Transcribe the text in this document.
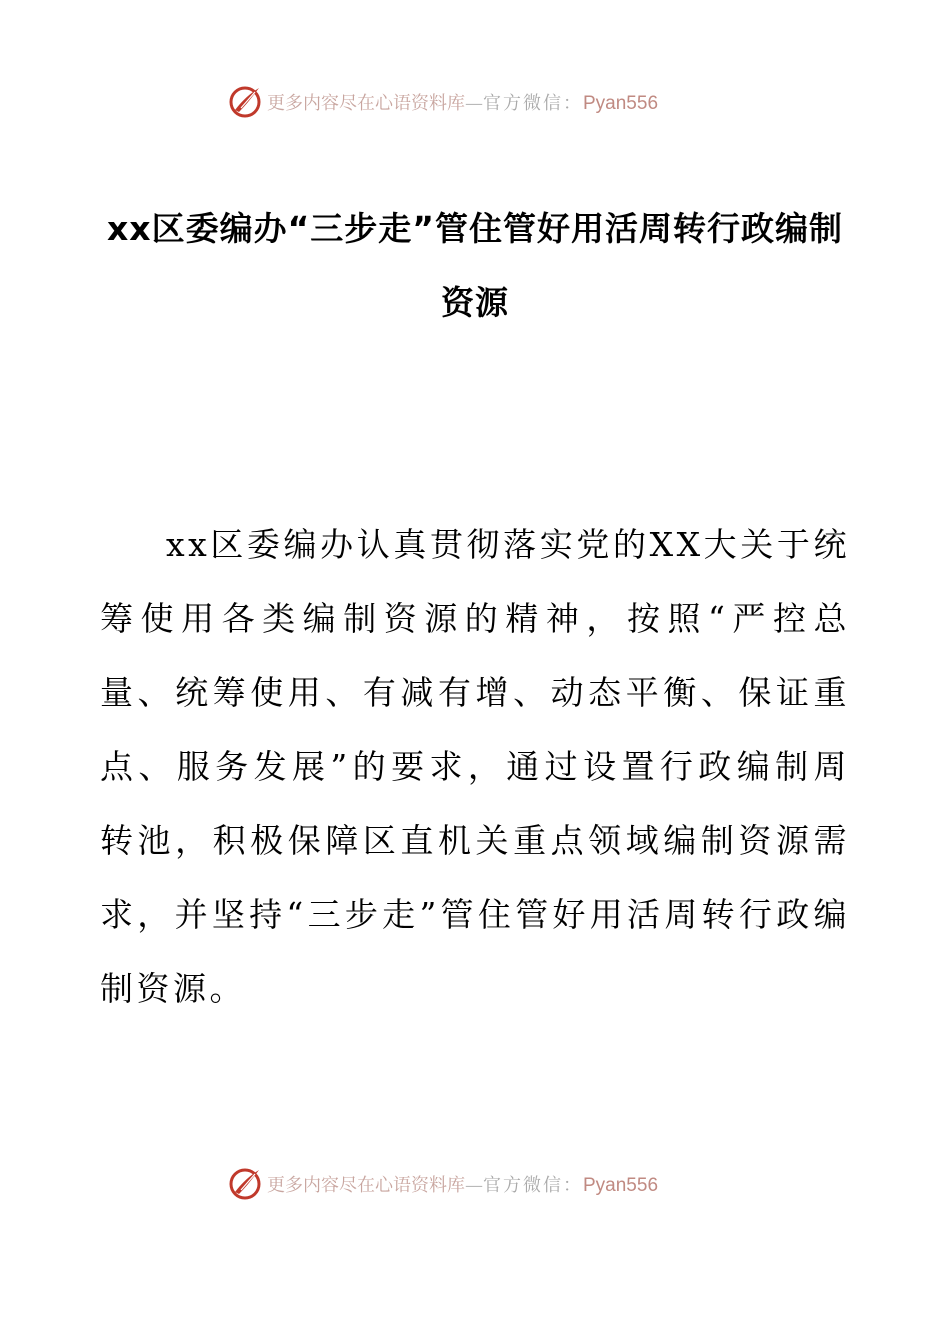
更多内容尽在心语资料库—官方微信：Pyan556
xx区委编办“三步走”管住管好用活周转行政编制资源

xx区委编办认真贯彻落实党的XX大关于统筹使用各类编制资源的精神，按照“严控总量、统筹使用、有减有增、动态平衡、保证重点、服务发展”的要求，通过设置行政编制周转池，积极保障区直机关重点领域编制资源需求，并坚持“三步走”管住管好用活周转行政编制资源。

更多内容尽在心语资料库—官方微信：Pyan556
